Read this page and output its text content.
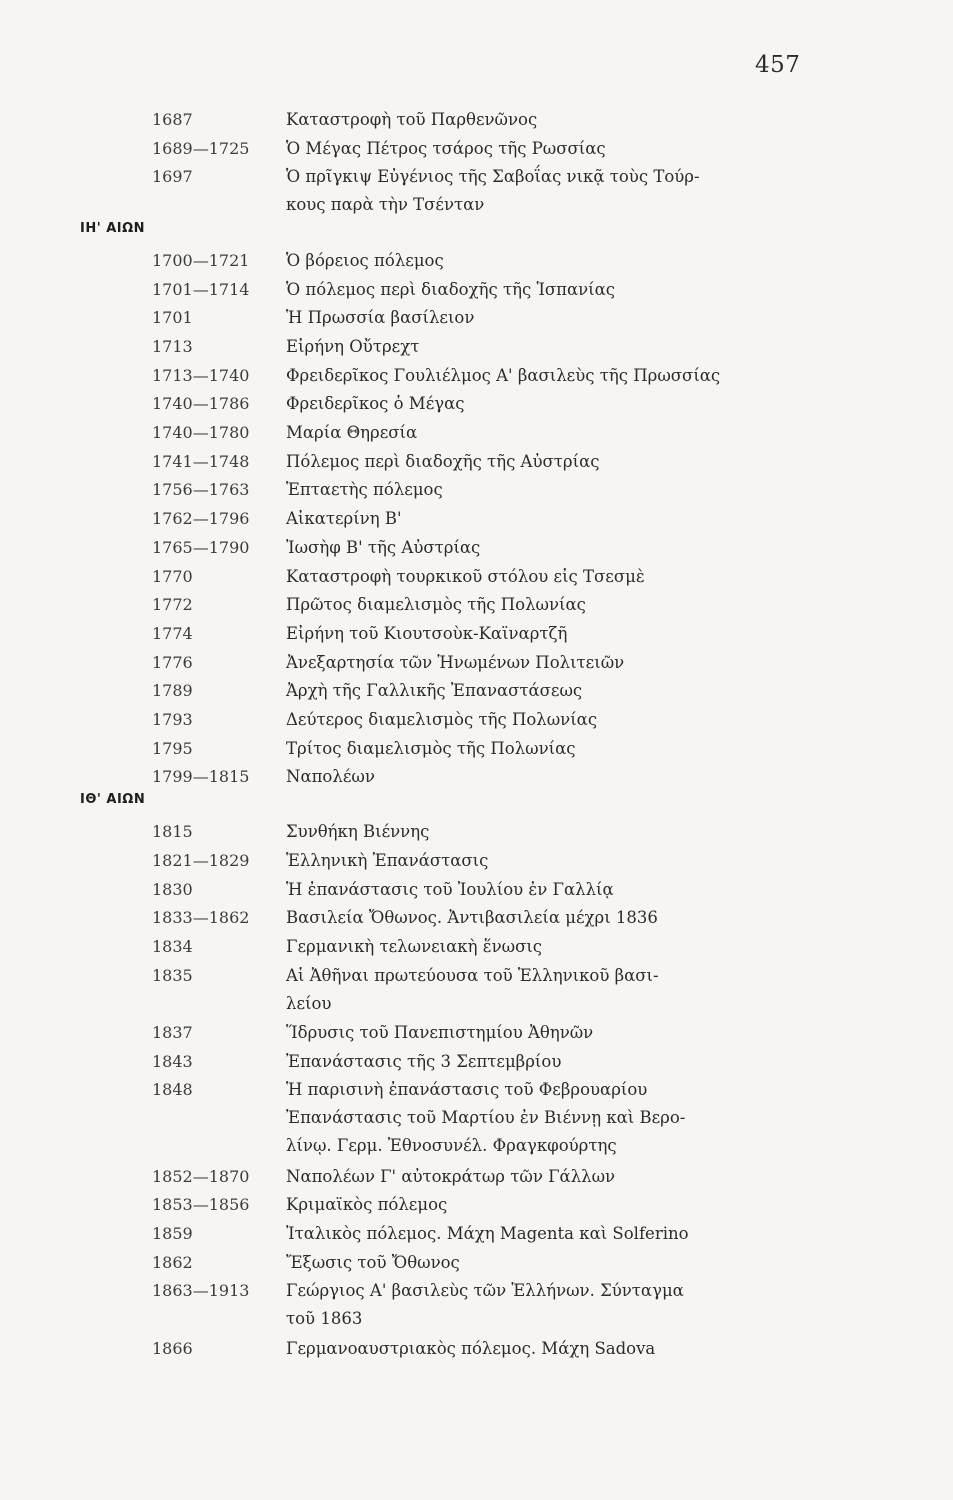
457
1687	Καταστροφὴ τοῦ Παρθενῶνος
1689—1725	Ὁ Μέγας Πέτρος τσάρος τῆς Ρωσσίας
1697	Ὁ πρῖγκιψ Εὐγένιος τῆς Σαβοΐας νικᾷ τοὺς Τούρ-
κους παρὰ τὴν Τσένταν
ΙΗ' ΑΙΩΝ
1700—1721	Ὁ βόρειος πόλεμος
1701—1714	Ὁ πόλεμος περὶ διαδοχῆς τῆς Ἱσπανίας
1701	Ἡ Πρωσσία βασίλειον
1713	Εἰρήνη Οὔτρεχτ
1713—1740	Φρειδερῖκος Γουλιέλμος Α' βασιλεὺς τῆς Πρωσσίας
1740—1786	Φρειδερῖκος ὁ Μέγας
1740—1780	Μαρία Θηρεσία
1741—1748	Πόλεμος περὶ διαδοχῆς τῆς Αὐστρίας
1756—1763	Ἑπταετὴς πόλεμος
1762—1796	Αἰκατερίνη Β'
1765—1790	Ἰωσὴφ Β' τῆς Αὐστρίας
1770	Καταστροφὴ τουρκικοῦ στόλου εἰς Τσεσμὲ
1772	Πρῶτος διαμελισμὸς τῆς Πολωνίας
1774	Εἰρήνη τοῦ Κιουτσοὺκ-Καϊναρτζῆ
1776	Ἀνεξαρτησία τῶν Ἡνωμένων Πολιτειῶν
1789	Ἀρχὴ τῆς Γαλλικῆς Ἐπαναστάσεως
1793	Δεύτερος διαμελισμὸς τῆς Πολωνίας
1795	Τρίτος διαμελισμὸς τῆς Πολωνίας
1799—1815	Ναπολέων
ΙΘ' ΑΙΩΝ
1815	Συνθήκη Βιέννης
1821—1829	Ἑλληνικὴ Ἐπανάστασις
1830	Ἡ ἐπανάστασις τοῦ Ἰουλίου ἐν Γαλλίᾳ
1833—1862	Βασιλεία Ὄθωνος. Ἀντιβασιλεία μέχρι 1836
1834	Γερμανικὴ τελωνειακὴ ἕνωσις
1835	Αἱ Ἀθῆναι πρωτεύουσα τοῦ Ἑλληνικοῦ βασι-
λείου
1837	Ἵδρυσις τοῦ Πανεπιστημίου Ἀθηνῶν
1843	Ἐπανάστασις τῆς 3 Σεπτεμβρίου
1848	Ἡ παρισινὴ ἐπανάστασις τοῦ Φεβρουαρίου
Ἐπανάστασις τοῦ Μαρτίου ἐν Βιέννῃ καὶ Βερο-
λίνῳ. Γερμ. Ἐθνοσυνέλ. Φραγκφούρτης
1852—1870	Ναπολέων Γ' αὐτοκράτωρ τῶν Γάλλων
1853—1856	Κριμαϊκὸς πόλεμος
1859	Ἰταλικὸς πόλεμος. Μάχη Magenta καὶ Solferino
1862	Ἔξωσις τοῦ Ὄθωνος
1863—1913	Γεώργιος Α' βασιλεὺς τῶν Ἑλλήνων. Σύνταγμα
τοῦ 1863
1866	Γερμανοαυστριακὸς πόλεμος. Μάχη Sadova
